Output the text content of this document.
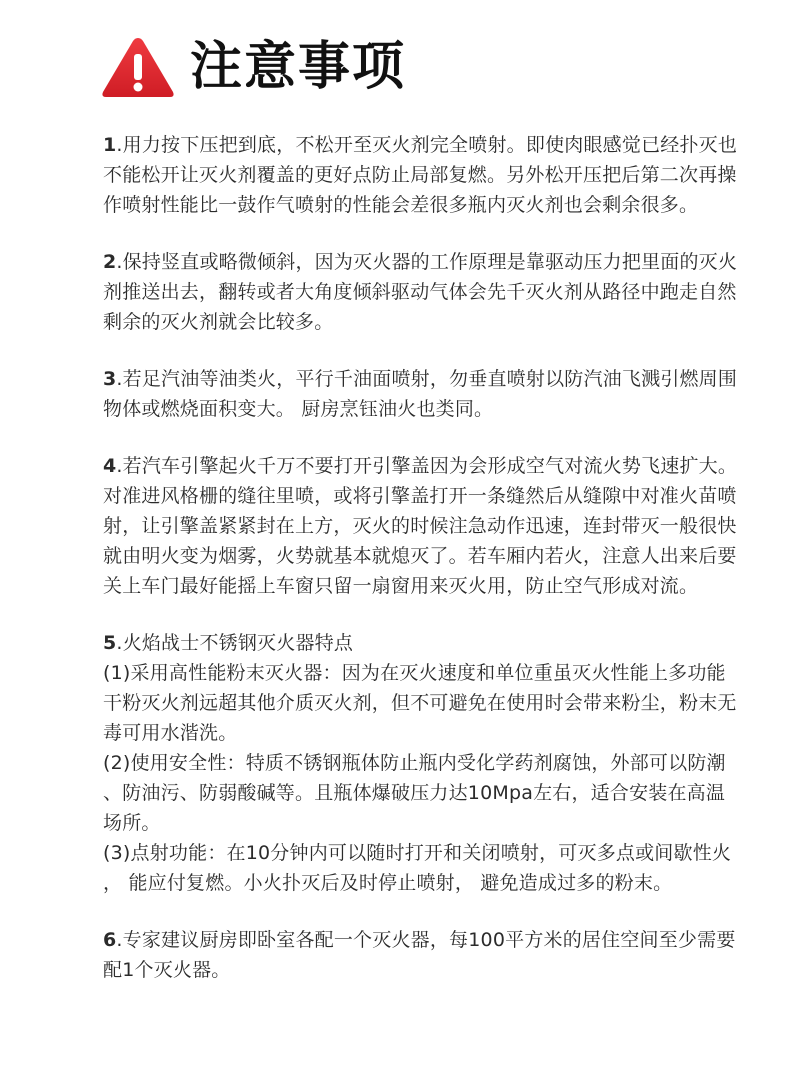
注意事项
1.用力按下压把到底，不松开至灭火剂完全喷射。即使肉眼感觉已经扑灭也
不能松开让灭火剂覆盖的更好点防止局部复燃。另外松开压把后第二次再操
作喷射性能比一鼓作气喷射的性能会差很多瓶内灭火剂也会剩余很多。
2.保持竖直或略微倾斜，因为灭火器的工作原理是靠驱动压力把里面的灭火
剂推送出去，翻转或者大角度倾斜驱动气体会先千灭火剂从路径中跑走自然
剩余的灭火剂就会比较多。
3.若足汽油等油类火，平行千油面喷射，勿垂直喷射以防汽油飞溅引燃周围
物体或燃烧面积变大。 厨房烹钰油火也类同。
4.若汽车引擎起火千万不要打开引擎盖因为会形成空气对流火势飞速扩大。
对准进风格栅的缝往里喷，或将引擎盖打开一条缝然后从缝隙中对准火苗喷
射，让引擎盖紧紧封在上方，灭火的时候注急动作迅速，连封带灭一般很快
就由明火变为烟雾，火势就基本就熄灭了。若车厢内若火，注意人出来后要
关上车门最好能摇上车窗只留一扇窗用来灭火用，防止空气形成对流。
5.火焰战士不锈钢灭火器特点
(1)采用高性能粉末灭火器：因为在灭火速度和单位重虽灭火性能上多功能
干粉灭火剂远超其他介质灭火剂，但不可避免在使用时会带来粉尘，粉末无
毒可用水湝洗。
(2)使用安全性：特质不锈钢瓶体防止瓶内受化学药剂腐蚀，外部可以防潮
、防油污、防弱酸碱等。且瓶体爆破压力达10Mpa左右，适合安装在高温
场所。
(3)点射功能：在10分钟内可以随时打开和关闭喷射，可灭多点或间歇性火
， 能应付复燃。小火扑灭后及时停止喷射， 避免造成过多的粉末。
6.专家建议厨房即卧室各配一个灭火器，每100平方米的居住空间至少需要
配1个灭火器。
